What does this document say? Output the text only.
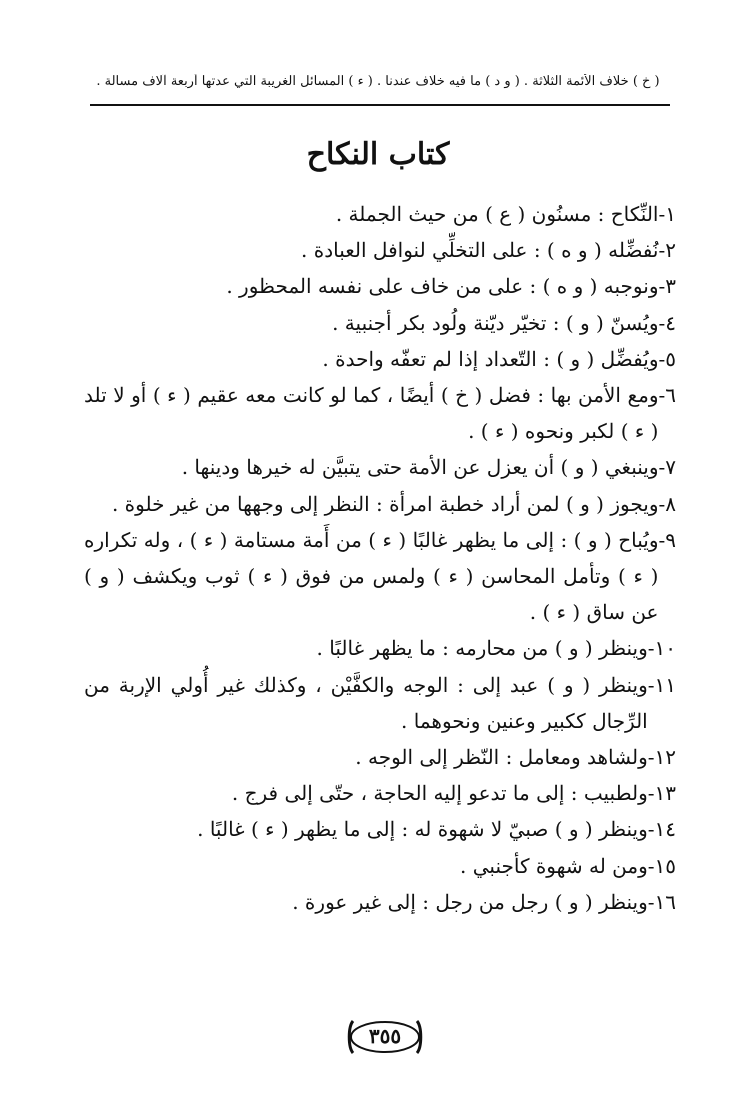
( خ ) خلاف الأئمة الثلاثة . ( و د ) ما فيه خلاف عندنا . ( ء ) المسائل الغريبة التي عدتها أربعة آلاف مسألة .
كتاب النكاح
١-
النِّكاح : مسنُون ( ع ) من حيث الجملة .
٢-
نُفضِّله ( و ه ) : على التخلِّي لنوافل العبادة .
٣-
ونوجبه ( و ه ) : على من خاف على نفسه المحظور .
٤-
ويُسنّ ( و ) : تخيّر ديّنة ولُود بكر أجنبية .
٥-
ويُفضِّل ( و ) : التّعداد إذا لم تعفّه واحدة .
٦-
ومع الأمن بها : فضل ( خ ) أيضًا ، كما لو كانت معه عقيم ( ء ) أو لا تلد ( ء ) لكبر ونحوه ( ء ) .
٧-
وينبغي ( و ) أن يعزل عن الأمة حتى يتبيَّن له خيرها ودينها .
٨-
ويجوز ( و ) لمن أراد خطبة امرأة : النظر إلى وجهها من غير خلوة .
٩-
ويُباح ( و ) : إلى ما يظهر غالبًا ( ء ) من أَمة مستامة ( ء ) ، وله تكراره ( ء ) وتأمل المحاسن ( ء ) ولمس من فوق ( ء ) ثوب ويكشف ( و ) عن ساق ( ء ) .
١٠-
وينظر ( و ) من محارمه : ما يظهر غالبًا .
١١-
وينظر ( و ) عبد إلى : الوجه والكفَّيْن ، وكذلك غير أُولي الإربة من الرِّجال ككبير وعنين ونحوهما .
١٢-
ولشاهد ومعامل : النّظر إلى الوجه .
١٣-
ولطبيب : إلى ما تدعو إليه الحاجة ، حتّى إلى فرج .
١٤-
وينظر ( و ) صبيّ لا شهوة له : إلى ما يظهر ( ء ) غالبًا .
١٥-
ومن له شهوة كأجنبي .
١٦-
وينظر ( و ) رجل من رجل : إلى غير عورة .
٣٥٥
